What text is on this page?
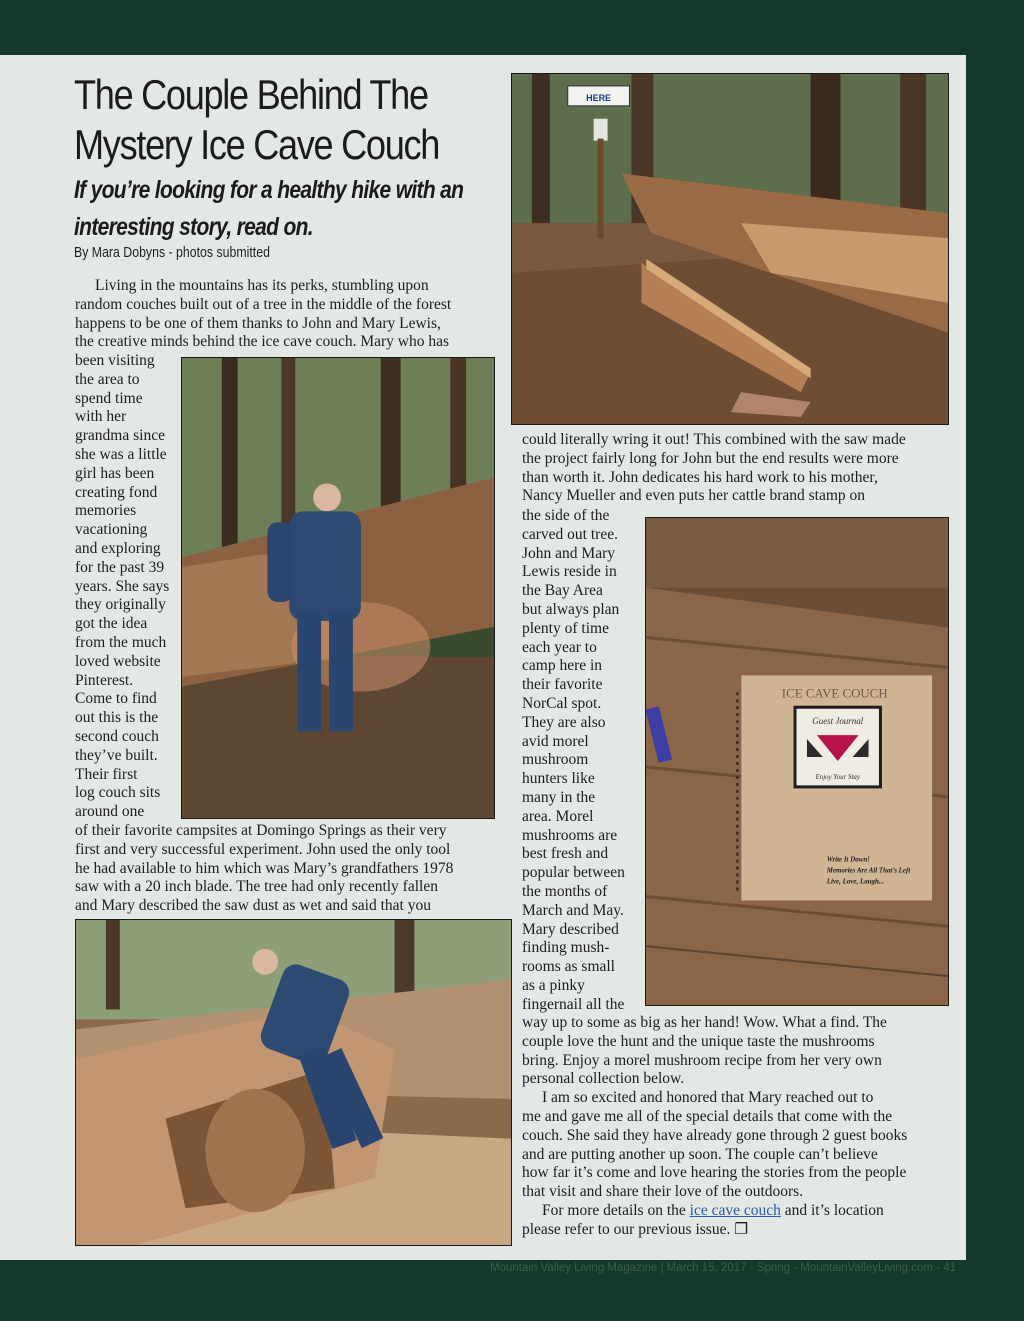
The Couple Behind The
Mystery Ice Cave Couch
If you’re looking for a healthy hike with an
interesting story, read on.
By Mara Dobyns - photos submitted
Living in the mountains has its perks, stumbling upon
random couches built out of a tree in the middle of the forest
happens to be one of them thanks to John and Mary Lewis,
the creative minds behind the ice cave couch. Mary who has
been visiting
the area to
spend time
with her
grandma since
she was a little
girl has been
creating fond
memories
vacationing
and exploring
for the past 39
years. She says
they originally
got the idea
from the much
loved website
Pinterest.
Come to find
out this is the
second couch
they’ve built.
Their first
log couch sits
around one
of their favorite campsites at Domingo Springs as their very
first and very successful experiment. John used the only tool
he had available to him which was Mary’s grandfathers 1978
saw with a 20 inch blade. The tree had only recently fallen
and Mary described the saw dust as wet and said that you
could literally wring it out! This combined with the saw made
the project fairly long for John but the end results were more
than worth it. John dedicates his hard work to his mother,
Nancy Mueller and even puts her cattle brand stamp on
the side of the
carved out tree.
John and Mary
Lewis reside in
the Bay Area
but always plan
plenty of time
each year to
camp here in
their favorite
NorCal spot.
They are also
avid morel
mushroom
hunters like
many in the
area. Morel
mushrooms are
best fresh and
popular between
the months of
March and May.
Mary described
finding mush-
rooms as small
as a pinky
fingernail all the
way up to some as big as her hand! Wow. What a find. The
couple love the hunt and the unique taste the mushrooms
bring. Enjoy a morel mushroom recipe from her very own
personal collection below.
I am so excited and honored that Mary reached out to
me and gave me all of the special details that come with the
couch. She said they have already gone through 2 guest books
and are putting another up soon. The couple can’t believe
how far it’s come and love hearing the stories from the people
that visit and share their love of the outdoors.
For more details on the ice cave couch and it’s location
please refer to our previous issue. ❐
HERE
ICE CAVE COUCH
Guest Journal
Enjoy Your Stay
Write It Down!
Memories Are All That’s Left
Live, Love, Laugh...
Mountain Valley Living Magazine | March 15, 2017 - Spring - MountainValleyLiving.com - 41
